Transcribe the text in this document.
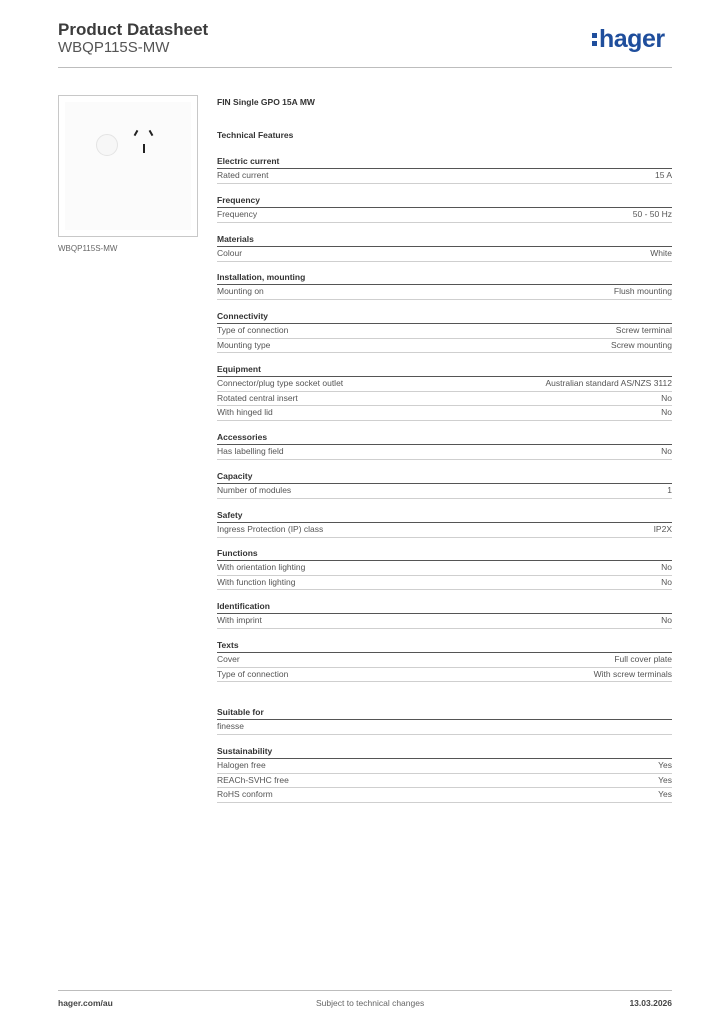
Product Datasheet
WBQP115S-MW	hager
WBQP115S-MW
FIN Single GPO 15A MW
Technical Features
Electric current
Rated current	15 A
Frequency
Frequency	50 - 50 Hz
Materials
Colour	White
Installation, mounting
Mounting on	Flush mounting
Connectivity
Type of connection	Screw terminal
Mounting type	Screw mounting
Equipment
Connector/plug type socket outlet	Australian standard AS/NZS 3112
Rotated central insert	No
With hinged lid	No
Accessories
Has labelling field	No
Capacity
Number of modules	1
Safety
Ingress Protection (IP) class	IP2X
Functions
With orientation lighting	No
With function lighting	No
Identification
With imprint	No
Texts
Cover	Full cover plate
Type of connection	With screw terminals
Suitable for
finesse
Sustainability
Halogen free	Yes
REACh-SVHC free	Yes
RoHS conform	Yes
hager.com/au	Subject to technical changes	13.03.2026
